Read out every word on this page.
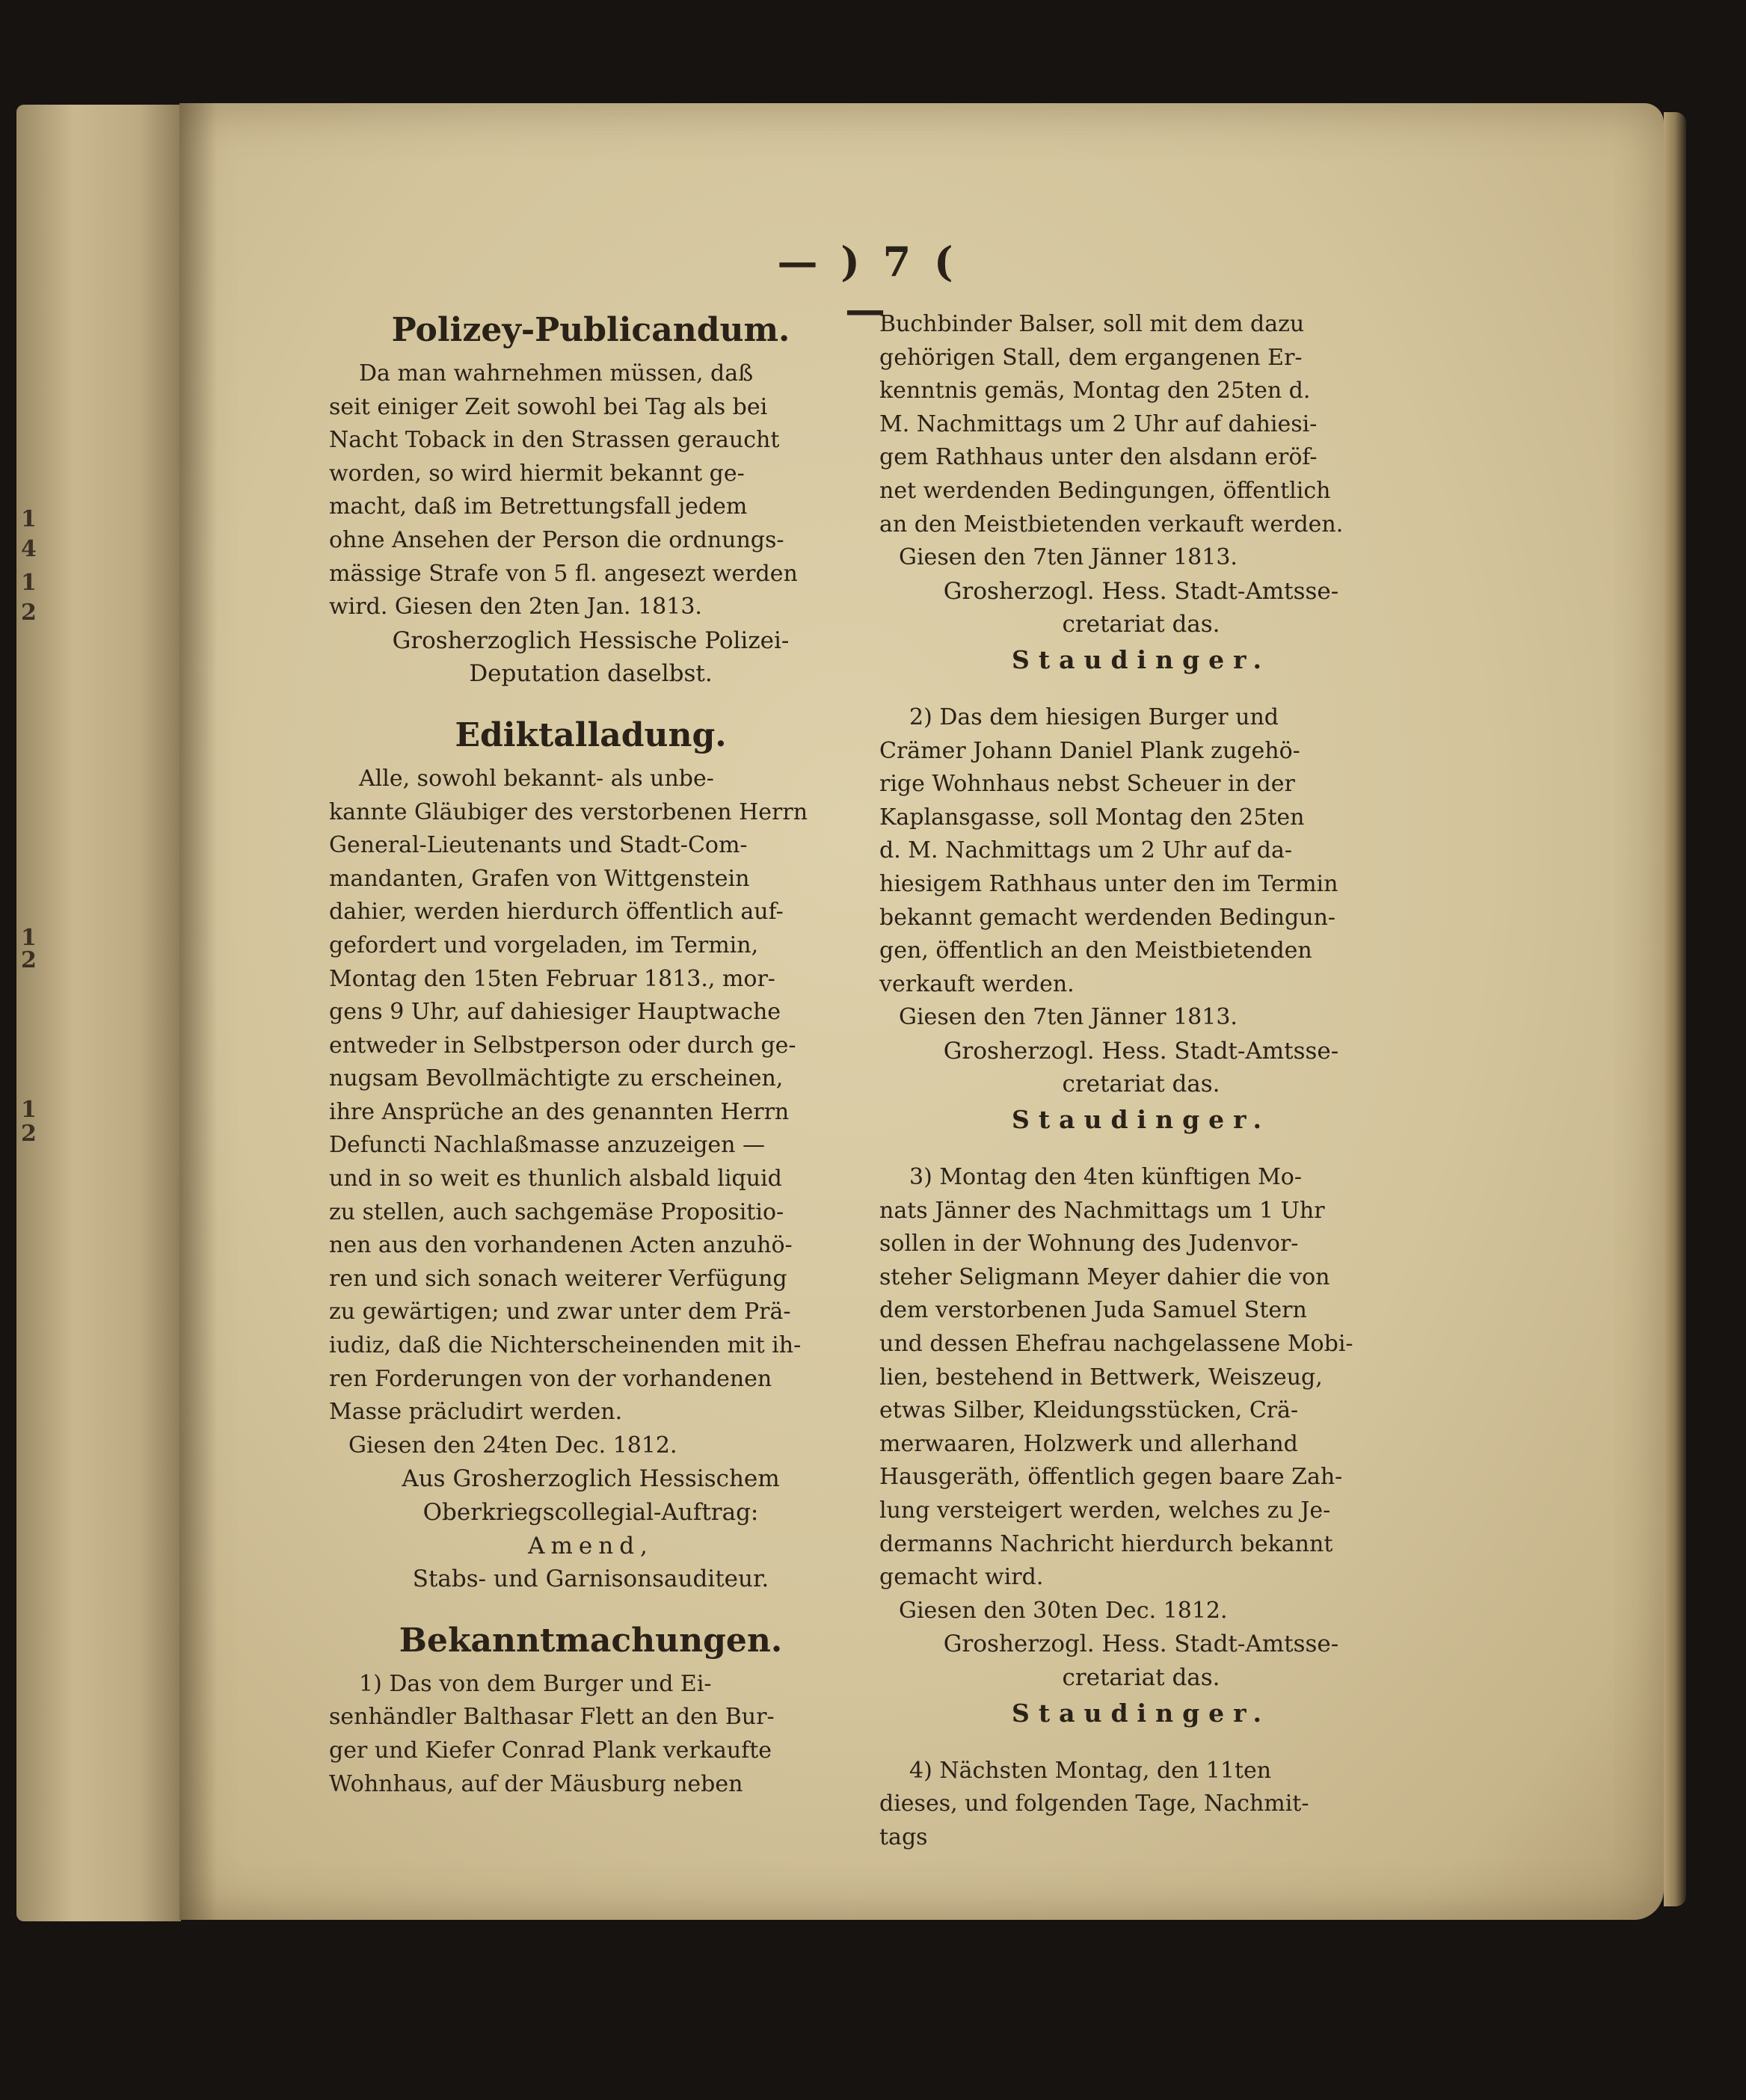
1
4
1
2
1
2
1
2
— ) 7 ( —
Polizey-Publicandum.
Da man wahrnehmen müssen, daß
seit einiger Zeit sowohl bei Tag als bei
Nacht Toback in den Strassen geraucht
worden, so wird hiermit bekannt ge-
macht, daß im Betrettungsfall jedem
ohne Ansehen der Person die ordnungs-
mässige Strafe von 5 fl. angesezt werden
wird. Giesen den 2ten Jan. 1813.
Grosherzoglich Hessische Polizei-
Deputation daselbst.
Ediktalladung.
Alle, sowohl bekannt- als unbe-
kannte Gläubiger des verstorbenen Herrn
General-Lieutenants und Stadt-Com-
mandanten, Grafen von Wittgenstein
dahier, werden hierdurch öffentlich auf-
gefordert und vorgeladen, im Termin,
Montag den 15ten Februar 1813., mor-
gens 9 Uhr, auf dahiesiger Hauptwache
entweder in Selbstperson oder durch ge-
nugsam Bevollmächtigte zu erscheinen,
ihre Ansprüche an des genannten Herrn
Defuncti Nachlaßmasse anzuzeigen —
und in so weit es thunlich alsbald liquid
zu stellen, auch sachgemäse Propositio-
nen aus den vorhandenen Acten anzuhö-
ren und sich sonach weiterer Verfügung
zu gewärtigen; und zwar unter dem Prä-
iudiz, daß die Nichterscheinenden mit ih-
ren Forderungen von der vorhandenen
Masse präcludirt werden.
Giesen den 24ten Dec. 1812.
Aus Grosherzoglich Hessischem
Oberkriegscollegial-Auftrag:
Amend,
Stabs- und Garnisonsauditeur.
Bekanntmachungen.
1) Das von dem Burger und Ei-
senhändler Balthasar Flett an den Bur-
ger und Kiefer Conrad Plank verkaufte
Wohnhaus, auf der Mäusburg neben
Buchbinder Balser, soll mit dem dazu
gehörigen Stall, dem ergangenen Er-
kenntnis gemäs, Montag den 25ten d.
M. Nachmittags um 2 Uhr auf dahiesi-
gem Rathhaus unter den alsdann eröf-
net werdenden Bedingungen, öffentlich
an den Meistbietenden verkauft werden.
Giesen den 7ten Jänner 1813.
Grosherzogl. Hess. Stadt-Amtsse-
cretariat das.
Staudinger.
2) Das dem hiesigen Burger und
Crämer Johann Daniel Plank zugehö-
rige Wohnhaus nebst Scheuer in der
Kaplansgasse, soll Montag den 25ten
d. M. Nachmittags um 2 Uhr auf da-
hiesigem Rathhaus unter den im Termin
bekannt gemacht werdenden Bedingun-
gen, öffentlich an den Meistbietenden
verkauft werden.
Giesen den 7ten Jänner 1813.
Grosherzogl. Hess. Stadt-Amtsse-
cretariat das.
Staudinger.
3) Montag den 4ten künftigen Mo-
nats Jänner des Nachmittags um 1 Uhr
sollen in der Wohnung des Judenvor-
steher Seligmann Meyer dahier die von
dem verstorbenen Juda Samuel Stern
und dessen Ehefrau nachgelassene Mobi-
lien, bestehend in Bettwerk, Weiszeug,
etwas Silber, Kleidungsstücken, Crä-
merwaaren, Holzwerk und allerhand
Hausgeräth, öffentlich gegen baare Zah-
lung versteigert werden, welches zu Je-
dermanns Nachricht hierdurch bekannt
gemacht wird.
Giesen den 30ten Dec. 1812.
Grosherzogl. Hess. Stadt-Amtsse-
cretariat das.
Staudinger.
4) Nächsten Montag, den 11ten
dieses, und folgenden Tage, Nachmit-
tags
